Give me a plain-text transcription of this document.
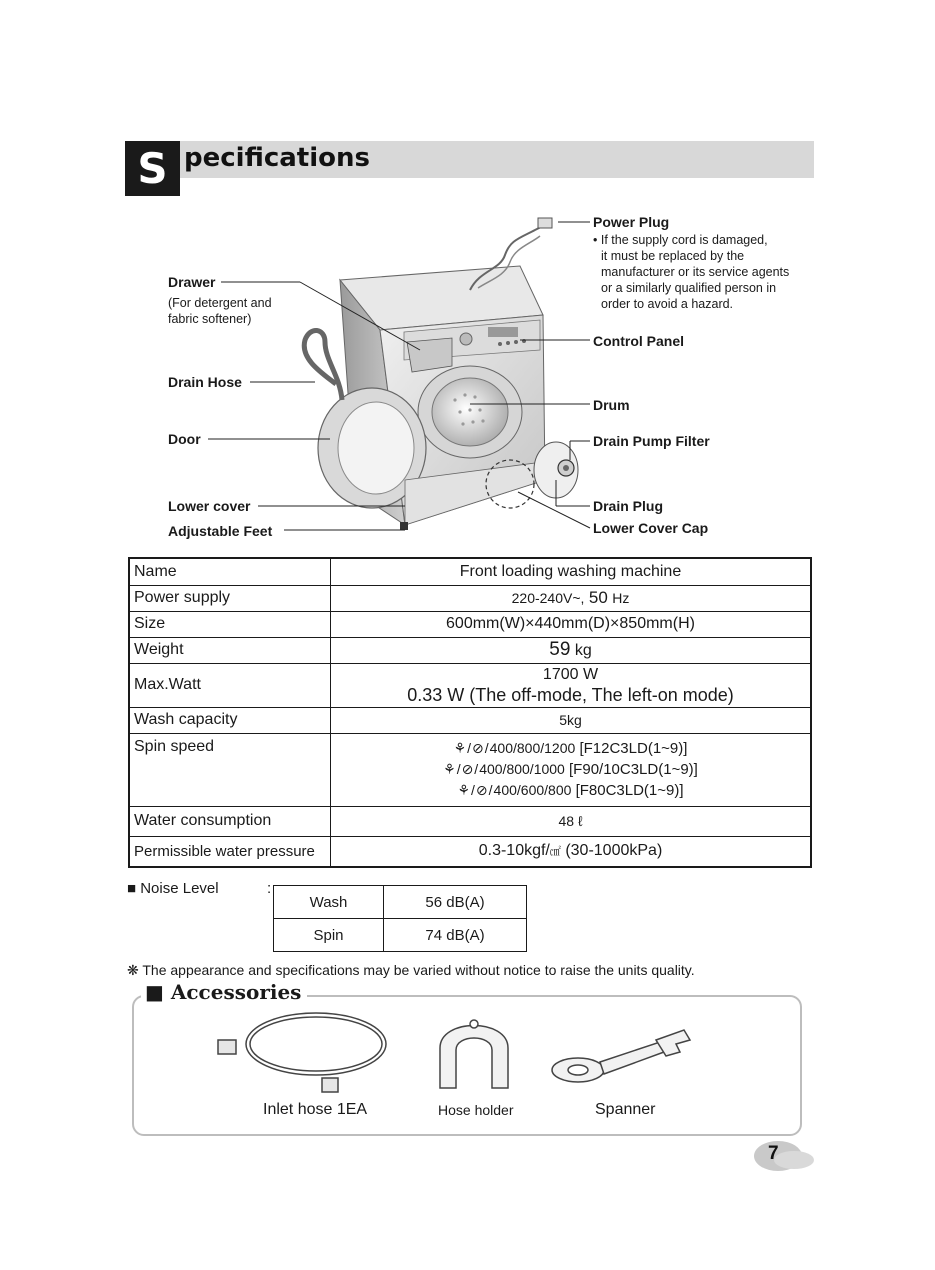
S pecifications
Power Plug
• If the supply cord is damaged,
it must be replaced by the
manufacturer or its service agents
or a similarly qualified person in
order to avoid a hazard.
Drawer
(For detergent and
fabric softener)
Control Panel
Drain Hose
Drum
Door	Drain Pump Filter
Lower cover	Drain Plug
Adjustable Feet	Lower Cover Cap
Name	Front loading washing machine
Power supply	220-240V~, 50 Hz
Size	600mm(W)×440mm(D)×850mm(H)
Weight	59 kg
Max.Watt	1700 W
0.33 W (The off-mode, The left-on mode)

Wash capacity	5kg
Spin speed	⚘/⊘/400/800/1200 [F12C3LD(1~9)]
⚘/⊘/400/800/1000 [F90/10C3LD(1~9)]
⚘/⊘/400/600/800 [F80C3LD(1~9)]

Water consumption	48 ℓ
Permissible water pressure	0.3-10kgf/㎠ (30-1000kPa)
■ Noise Level	:
Wash	56 dB(A)
Spin	74 dB(A)
❋ The appearance and specifications may be varied without notice to raise the units quality.
■ Accessories
Inlet hose 1EA	Hose holder	Spanner
7
